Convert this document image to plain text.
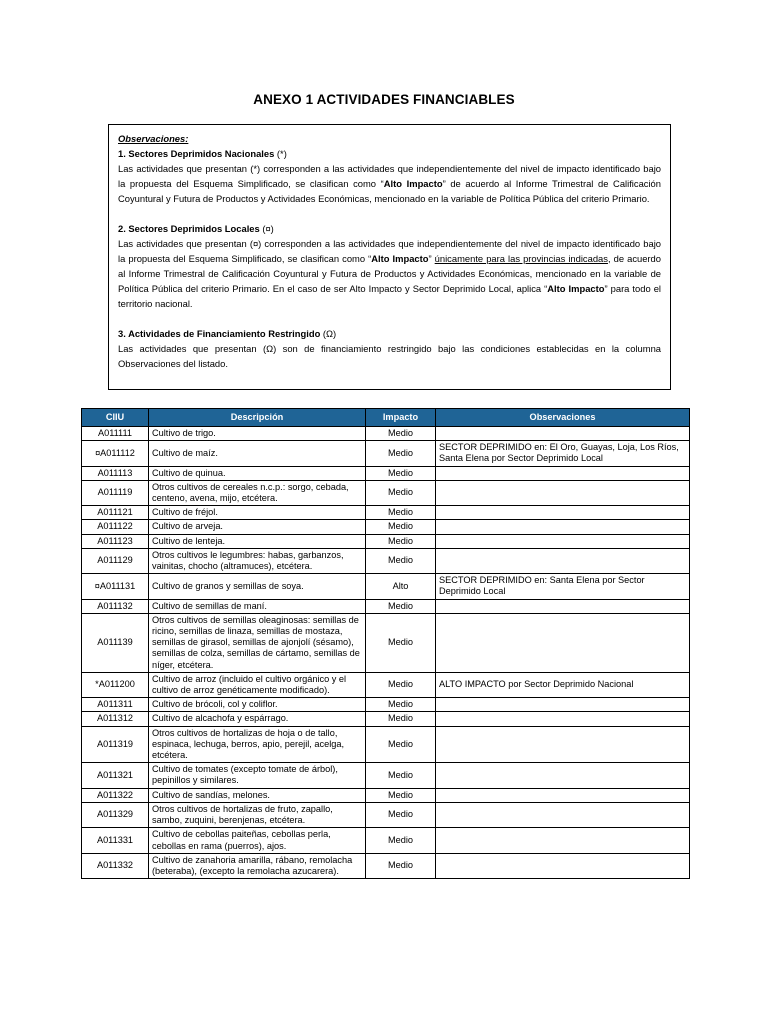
ANEXO 1 ACTIVIDADES FINANCIABLES
Observaciones:
1. Sectores Deprimidos Nacionales (*)
Las actividades que presentan (*) corresponden a las actividades que independientemente del nivel de impacto identificado bajo la propuesta del Esquema Simplificado, se clasifican como “Alto Impacto” de acuerdo al Informe Trimestral de Calificación Coyuntural y Futura de Productos y Actividades Económicas, mencionado en la variable de Política Pública del criterio Primario.
2. Sectores Deprimidos Locales (¤)
Las actividades que presentan (¤) corresponden a las actividades que independientemente del nivel de impacto identificado bajo la propuesta del Esquema Simplificado, se clasifican como “Alto Impacto” únicamente para las provincias indicadas, de acuerdo al Informe Trimestral de Calificación Coyuntural y Futura de Productos y Actividades Económicas, mencionado en la variable de Política Pública del criterio Primario. En el caso de ser Alto Impacto y Sector Deprimido Local, aplica “Alto Impacto” para todo el territorio nacional.
3. Actividades de Financiamiento Restringido (Ω)
Las actividades que presentan (Ω) son de financiamiento restringido bajo las condiciones establecidas en la columna Observaciones del listado.
CIIU	Descripción	Impacto	Observaciones
A011111	Cultivo de trigo.	Medio	
¤A011112	Cultivo de maíz.	Medio	SECTOR DEPRIMIDO en: El Oro, Guayas, Loja, Los Ríos, Santa Elena por Sector Deprimido Local
A011113	Cultivo de quinua.	Medio	
A011119	Otros cultivos de cereales n.c.p.: sorgo, cebada, centeno, avena, mijo, etcétera.	Medio	
A011121	Cultivo de fréjol.	Medio	
A011122	Cultivo de arveja.	Medio	
A011123	Cultivo de lenteja.	Medio	
A011129	Otros cultivos le legumbres: habas, garbanzos, vainitas, chocho (altramuces), etcétera.	Medio	
¤A011131	Cultivo de granos y semillas de soya.	Alto	SECTOR DEPRIMIDO en: Santa Elena por Sector Deprimido Local
A011132	Cultivo de semillas de maní.	Medio	
A011139	Otros cultivos de semillas oleaginosas: semillas de ricino, semillas de linaza, semillas de mostaza, semillas de girasol, semillas de ajonjolí (sésamo), semillas de colza, semillas de cártamo, semillas de níger, etcétera.	Medio	
*A011200	Cultivo de arroz (incluido el cultivo orgánico y el cultivo de arroz genéticamente modificado).	Medio	ALTO IMPACTO por Sector Deprimido Nacional
A011311	Cultivo de brócoli, col y coliflor.	Medio	
A011312	Cultivo de alcachofa y espárrago.	Medio	
A011319	Otros cultivos de hortalizas de hoja o de tallo, espinaca, lechuga, berros, apio, perejil, acelga, etcétera.	Medio	
A011321	Cultivo de tomates (excepto tomate de árbol), pepinillos y similares.	Medio	
A011322	Cultivo de sandías, melones.	Medio	
A011329	Otros cultivos de hortalizas de fruto, zapallo, sambo, zuquini, berenjenas, etcétera.	Medio	
A011331	Cultivo de cebollas paiteñas, cebollas perla, cebollas en rama (puerros), ajos.	Medio	
A011332	Cultivo de zanahoria amarilla, rábano, remolacha (beteraba), (excepto la remolacha azucarera).	Medio	
